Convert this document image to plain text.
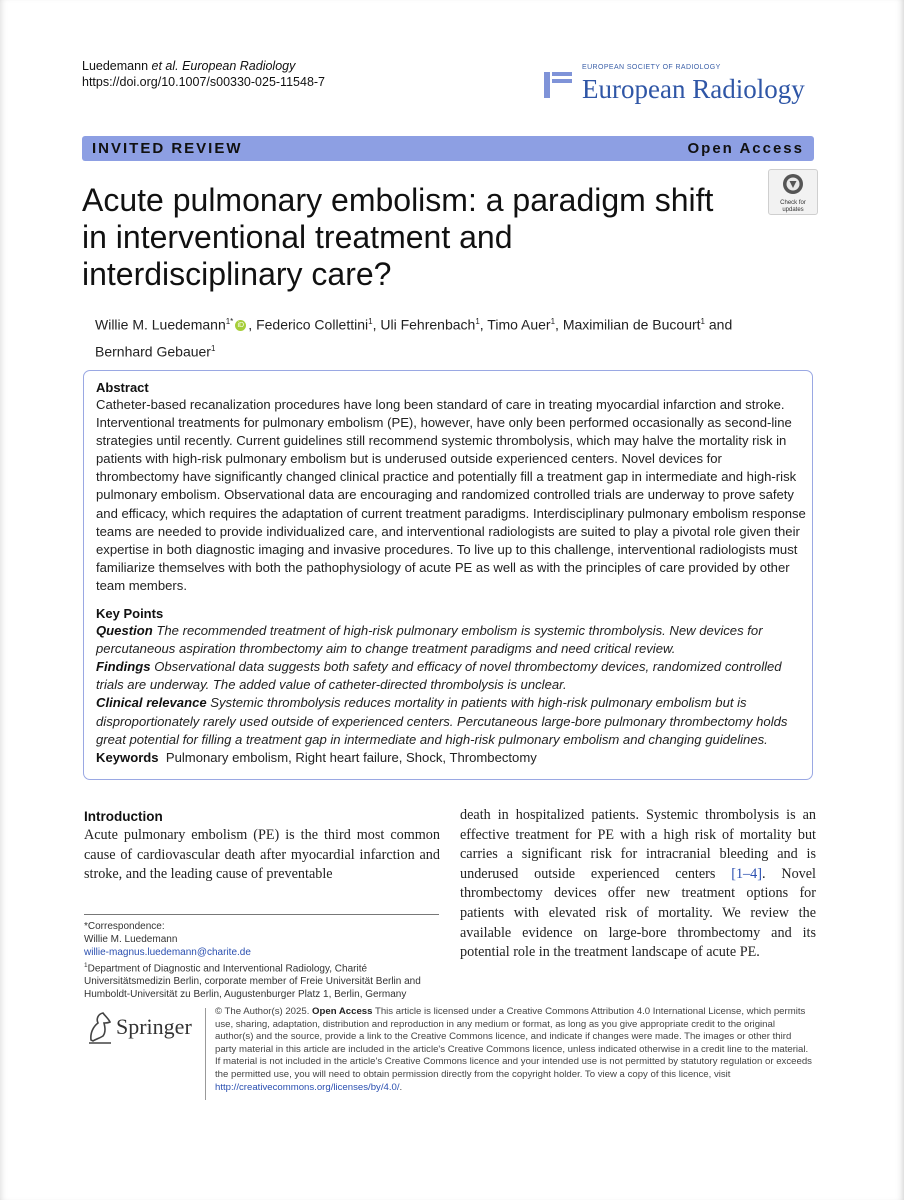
Luedemann et al. European Radiology
https://doi.org/10.1007/s00330-025-11548-7
EUROPEAN SOCIETY OF RADIOLOGY
European Radiology
INVITED REVIEW	Open Access
Acute pulmonary embolism: a paradigm shift in interventional treatment and interdisciplinary care?
Check for
updates
Willie M. Luedemann$^{1*}$ iD , Federico Collettini$^1$, Uli Fehrenbach$^1$, Timo Auer$^1$, Maximilian de Bucourt$^1$ and
Bernhard Gebauer$^1$
Abstract

Catheter-based recanalization procedures have long been standard of care in treating myocardial infarction and stroke. Interventional treatments for pulmonary embolism (PE), however, have only been performed occasionally as second-line strategies until recently. Current guidelines still recommend systemic thrombolysis, which may halve the mortality risk in patients with high-risk pulmonary embolism but is underused outside experienced centers. Novel devices for thrombectomy have significantly changed clinical practice and potentially fill a treatment gap in intermediate and high-risk pulmonary embolism. Observational data are encouraging and randomized controlled trials are underway to prove safety and efficacy, which requires the adaptation of current treatment paradigms. Interdisciplinary pulmonary embolism response teams are needed to provide individualized care, and interventional radiologists are suited to play a pivotal role given their expertise in both diagnostic imaging and invasive procedures. To live up to this challenge, interventional radiologists must familiarize themselves with both the pathophysiology of acute PE as well as with the principles of care provided by other team members.

Key Points

Question The recommended treatment of high-risk pulmonary embolism is systemic thrombolysis. New devices for percutaneous aspiration thrombectomy aim to change treatment paradigms and need critical review.

Findings Observational data suggests both safety and efficacy of novel thrombectomy devices, randomized controlled trials are underway. The added value of catheter-directed thrombolysis is unclear.

Clinical relevance Systemic thrombolysis reduces mortality in patients with high-risk pulmonary embolism but is disproportionately rarely used outside of experienced centers. Percutaneous large-bore pulmonary thrombectomy holds great potential for filling a treatment gap in intermediate and high-risk pulmonary embolism and changing guidelines.

Keywords Pulmonary embolism, Right heart failure, Shock, Thrombectomy

Introduction

Acute pulmonary embolism (PE) is the third most common cause of cardiovascular death after myocardial infarction and stroke, and the leading cause of preventable

death in hospitalized patients. Systemic thrombolysis is an effective treatment for PE with a high risk of mortality but carries a significant risk for intracranial bleeding and is underused outside experienced centers [1–4]. Novel thrombectomy devices offer new treatment options for patients with elevated risk of mortality. We review the available evidence on large-bore thrombectomy and its potential role in the treatment landscape of acute PE.

*Correspondence:
Willie M. Luedemann
willie-magnus.luedemann@charite.de
$^1$Department of Diagnostic and Interventional Radiology, Charité Universitätsmedizin Berlin, corporate member of Freie Universität Berlin and Humboldt-Universität zu Berlin, Augustenburger Platz 1, Berlin, Germany
Springer

© The Author(s) 2025. Open Access This article is licensed under a Creative Commons Attribution 4.0 International License, which permits use, sharing, adaptation, distribution and reproduction in any medium or format, as long as you give appropriate credit to the original author(s) and the source, provide a link to the Creative Commons licence, and indicate if changes were made. The images or other third party material in this article are included in the article's Creative Commons licence, unless indicated otherwise in a credit line to the material. If material is not included in the article's Creative Commons licence and your intended use is not permitted by statutory regulation or exceeds the permitted use, you will need to obtain permission directly from the copyright holder. To view a copy of this licence, visit http://creativecommons.org/licenses/by/4.0/.
